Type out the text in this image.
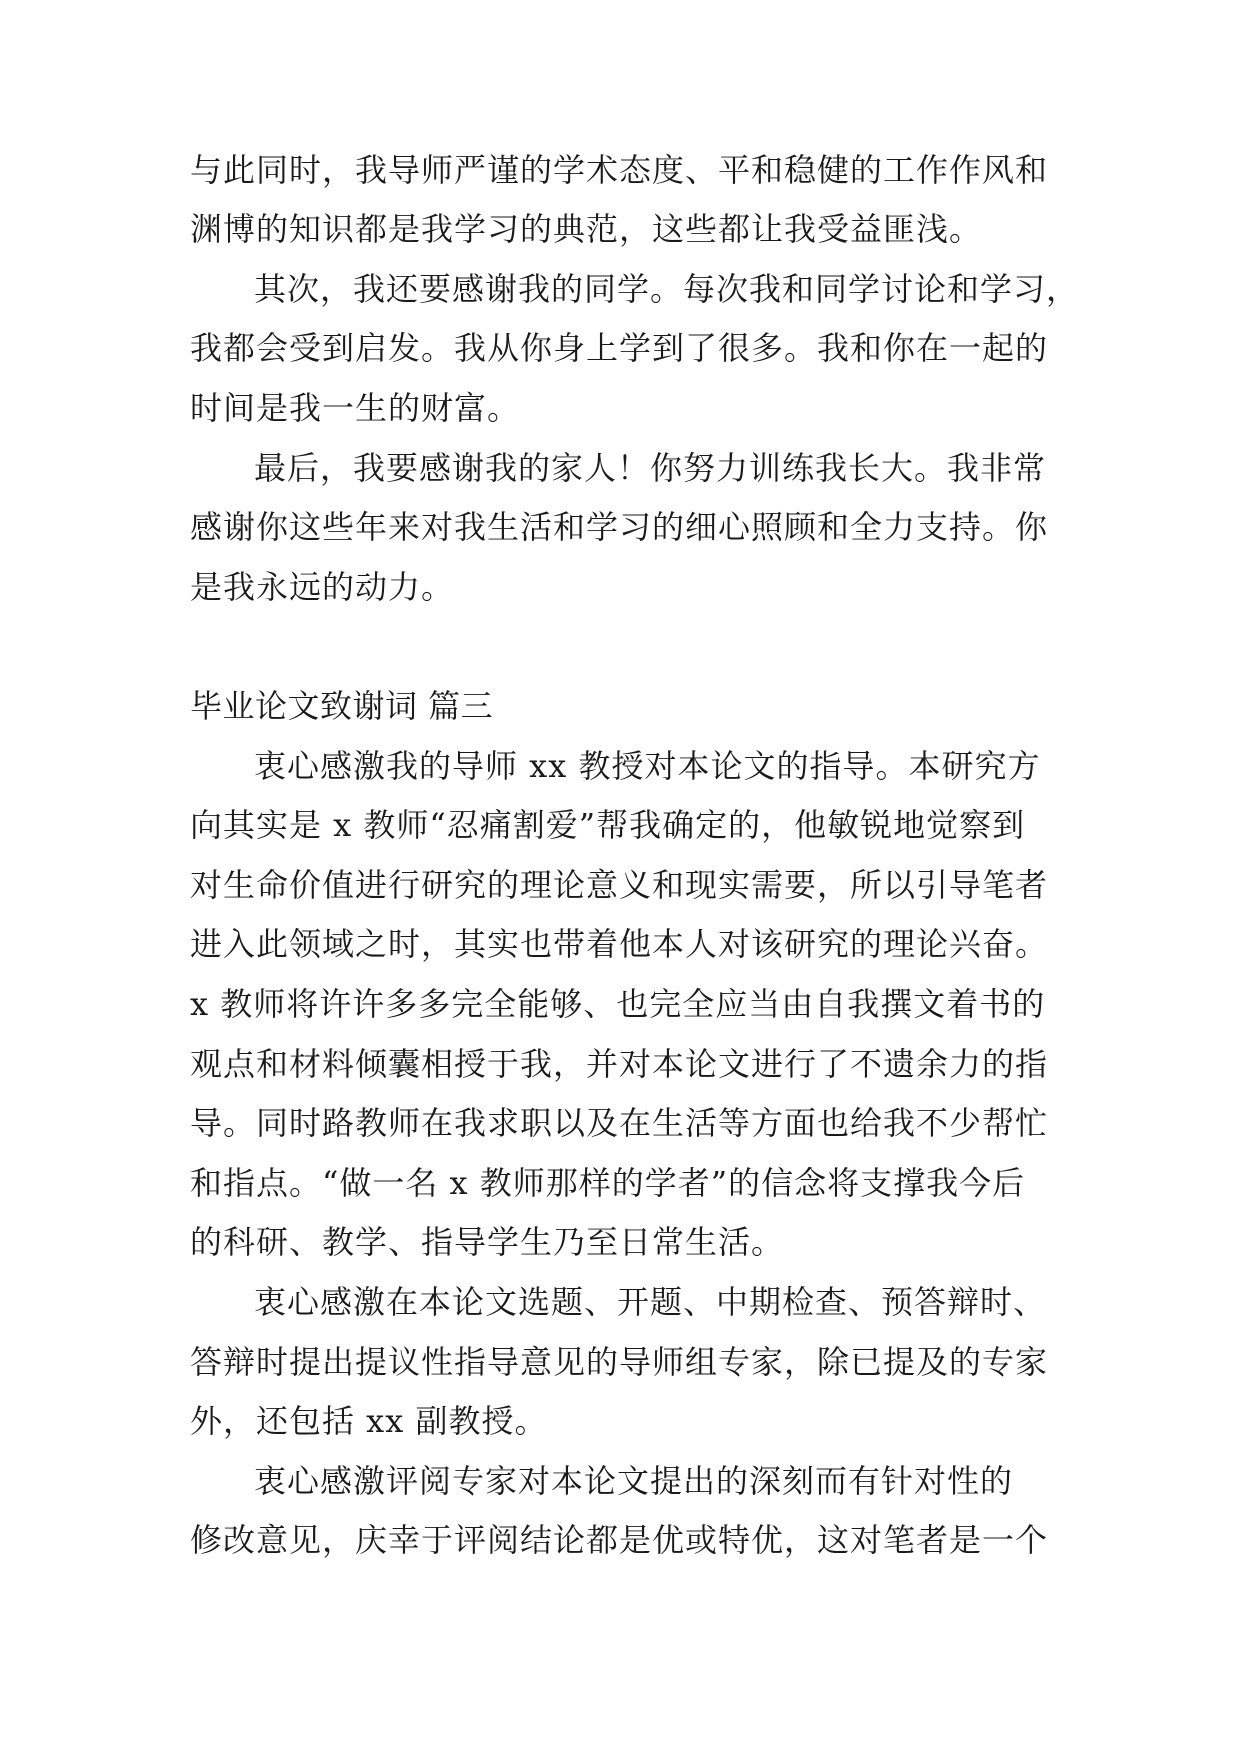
与此同时，我导师严谨的学术态度、平和稳健的工作作风和

渊博的知识都是我学习的典范，这些都让我受益匪浅。

其次，我还要感谢我的同学。每次我和同学讨论和学习，

我都会受到启发。我从你身上学到了很多。我和你在一起的

时间是我一生的财富。

最后，我要感谢我的家人！你努力训练我长大。我非常

感谢你这些年来对我生活和学习的细心照顾和全力支持。你

是我永远的动力。

毕业论文致谢词 篇三

衷心感激我的导师 xx 教授对本论文的指导。本研究方

向其实是 x 教师“忍痛割爱”帮我确定的，他敏锐地觉察到

对生命价值进行研究的理论意义和现实需要，所以引导笔者

进入此领域之时，其实也带着他本人对该研究的理论兴奋。

x 教师将许许多多完全能够、也完全应当由自我撰文着书的

观点和材料倾囊相授于我，并对本论文进行了不遗余力的指

导。同时路教师在我求职以及在生活等方面也给我不少帮忙

和指点。“做一名 x 教师那样的学者”的信念将支撑我今后

的科研、教学、指导学生乃至日常生活。

衷心感激在本论文选题、开题、中期检查、预答辩时、

答辩时提出提议性指导意见的导师组专家，除已提及的专家

外，还包括 xx 副教授。

衷心感激评阅专家对本论文提出的深刻而有针对性的

修改意见，庆幸于评阅结论都是优或特优，这对笔者是一个
